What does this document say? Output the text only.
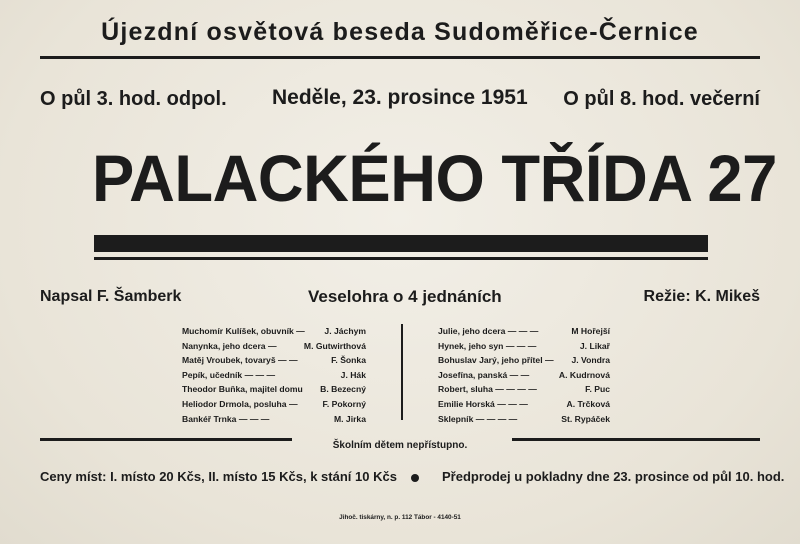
Újezdní osvětová beseda Sudoměřice-Černice
O půl 3. hod. odpol. Neděle, 23. prosince 1951 O půl 8. hod. večerní
PALACKÉHO TŘÍDA 27
Napsal F. Šamberk	Veselohra o 4 jednáních	Režie: K. Mikeš
Muchomír Kulíšek, obuvník — J. Jáchym
Nanynka, jeho dcera —	M. Gutwirthová
Matěj Vroubek, tovaryš — —	F. Šonka
Pepík, učedník — — —	J. Hák
Theodor Buňka, majitel domu B. Bezecný
Heliodor Drmola, posluha —	F. Pokorný
Bankéř Trnka — — —	M. Jirka
Julie, jeho dcera — — —	M Hořejší
Hynek, jeho syn — — —	J. Likař
Bohuslav Jarý, jeho přítel — J. Vondra
Josefína, panská — —	A. Kudrnová
Robert, sluha — — — —	F. Puc
Emilie Horská — — —	A. Trčková
Sklepník — — — —	St. Rypáček
Školním dětem nepřístupno.
Ceny míst: I. místo 20 Kčs, II. místo 15 Kčs, k stání 10 Kčs	Předprodej u pokladny dne 23. prosince od půl 10. hod.
Jihoč. tiskárny, n. p. 112 Tábor - 4140-51
